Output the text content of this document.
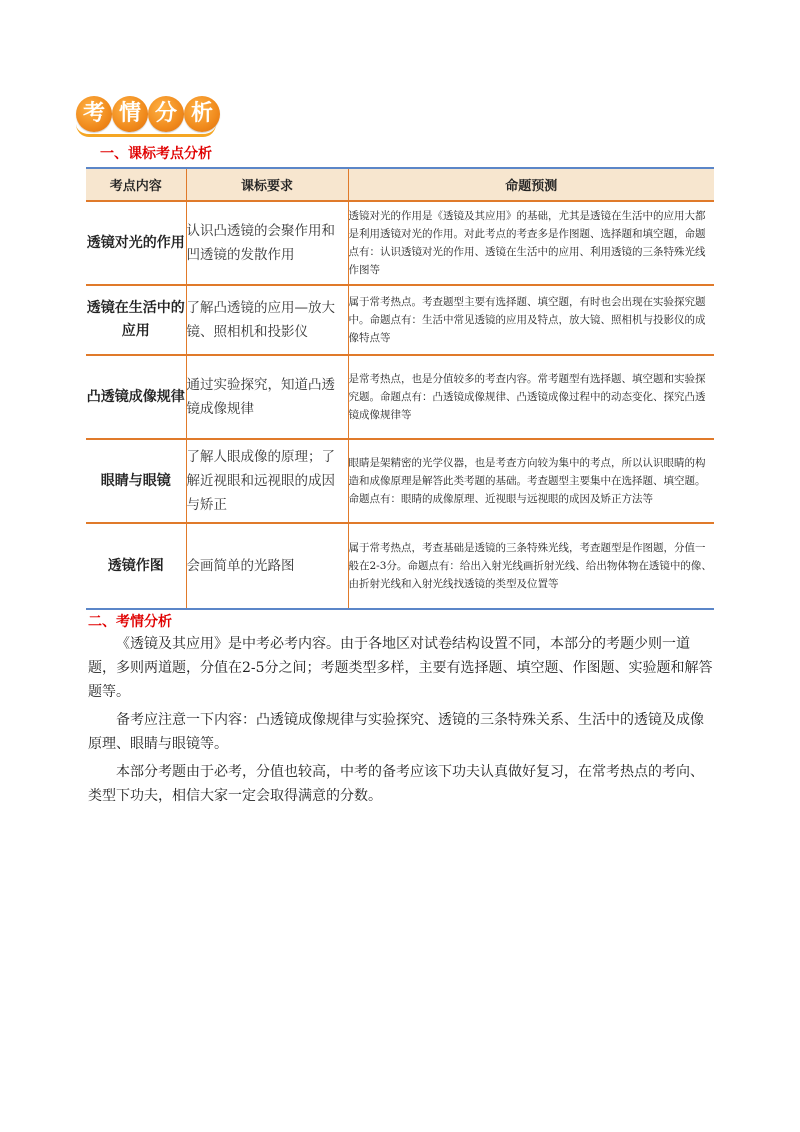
考 情 分 析
一、课标考点分析
考点内容	课标要求	命题预测
透镜对光的作用	认识凸透镜的会聚作用和凹透镜的发散作用	透镜对光的作用是《透镜及其应用》的基础，尤其是透镜在生活中的应用大都是利用透镜对光的作用。对此考点的考查多是作图题、选择题和填空题，命题点有：认识透镜对光的作用、透镜在生活中的应用、利用透镜的三条特殊光线作图等
透镜在生活中的应用	了解凸透镜的应用—放大镜、照相机和投影仪	属于常考热点。考查题型主要有选择题、填空题，有时也会出现在实验探究题中。命题点有：生活中常见透镜的应用及特点，放大镜、照相机与投影仪的成像特点等
凸透镜成像规律	通过实验探究，知道凸透镜成像规律	是常考热点，也是分值较多的考查内容。常考题型有选择题、填空题和实验探究题。命题点有：凸透镜成像规律、凸透镜成像过程中的动态变化、探究凸透镜成像规律等
眼睛与眼镜	了解人眼成像的原理；了解近视眼和远视眼的成因与矫正	眼睛是架精密的光学仪器，也是考查方向较为集中的考点，所以认识眼睛的构造和成像原理是解答此类考题的基础。考查题型主要集中在选择题、填空题。命题点有：眼睛的成像原理、近视眼与远视眼的成因及矫正方法等
透镜作图	会画简单的光路图	属于常考热点，考查基础是透镜的三条特殊光线，考查题型是作图题，分值一般在2-3分。命题点有：给出入射光线画折射光线、给出物体物在透镜中的像、由折射光线和入射光线找透镜的类型及位置等
二、考情分析

《透镜及其应用》是中考必考内容。由于各地区对试卷结构设置不同，本部分的考题少则一道题，多则两道题，分值在2-5分之间；考题类型多样，主要有选择题、填空题、作图题、实验题和解答题等。

备考应注意一下内容：凸透镜成像规律与实验探究、透镜的三条特殊关系、生活中的透镜及成像原理、眼睛与眼镜等。

本部分考题由于必考，分值也较高，中考的备考应该下功夫认真做好复习，在常考热点的考向、类型下功夫，相信大家一定会取得满意的分数。
